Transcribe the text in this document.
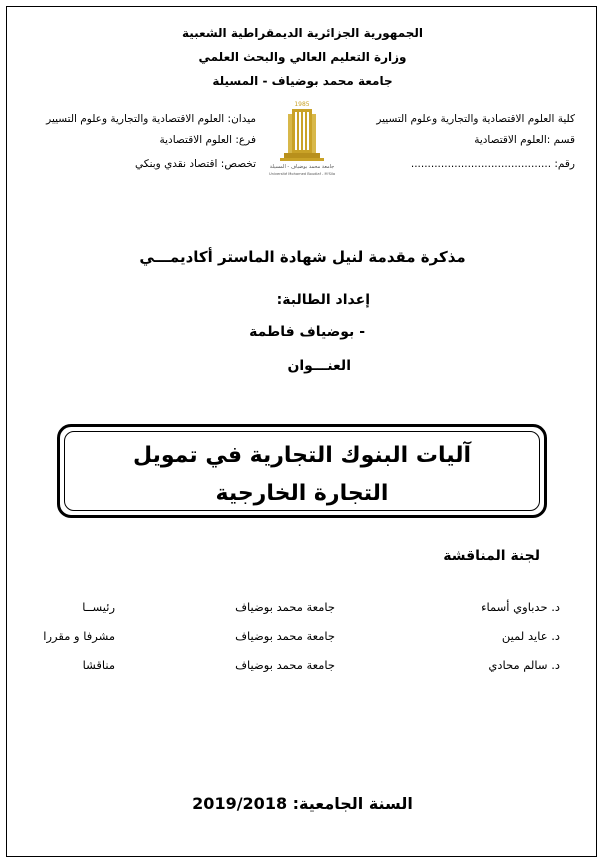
الجمهورية الجزائرية الديمقراطية الشعبية
وزارة التعليم العالي والبحث العلمي
جامعة محمد بوضياف - المسيلة
كلية العلوم الاقتصادية والتجارية وعلوم التسيير
قسم :العلوم الاقتصادية
رقم: ..........................................
ميدان: العلوم الاقتصادية والتجارية وعلوم التسيير
فرع: العلوم الاقتصادية
تخصص: اقتصاد نقدي وبنكي
1985
جامعة محمد بوضياف - المسيلة
Université Mohamed Boudiaf - M'Sila
مذكرة مقدمة لنيل شهادة الماستر أكاديمـــي
إعداد الطالبة:
- بوضياف فاطمة
العنـــوان
آليات البنوك التجارية في تمويل التجارة الخارجية
لجنة المناقشة
د. حدباوي أسماء
جامعة محمد بوضياف
رئيســا
د. عايد لمين
جامعة محمد بوضياف
مشرفا و مقررا
د. سالم محادي
جامعة محمد بوضياف
مناقشا
السنة الجامعية: 2019/2018
